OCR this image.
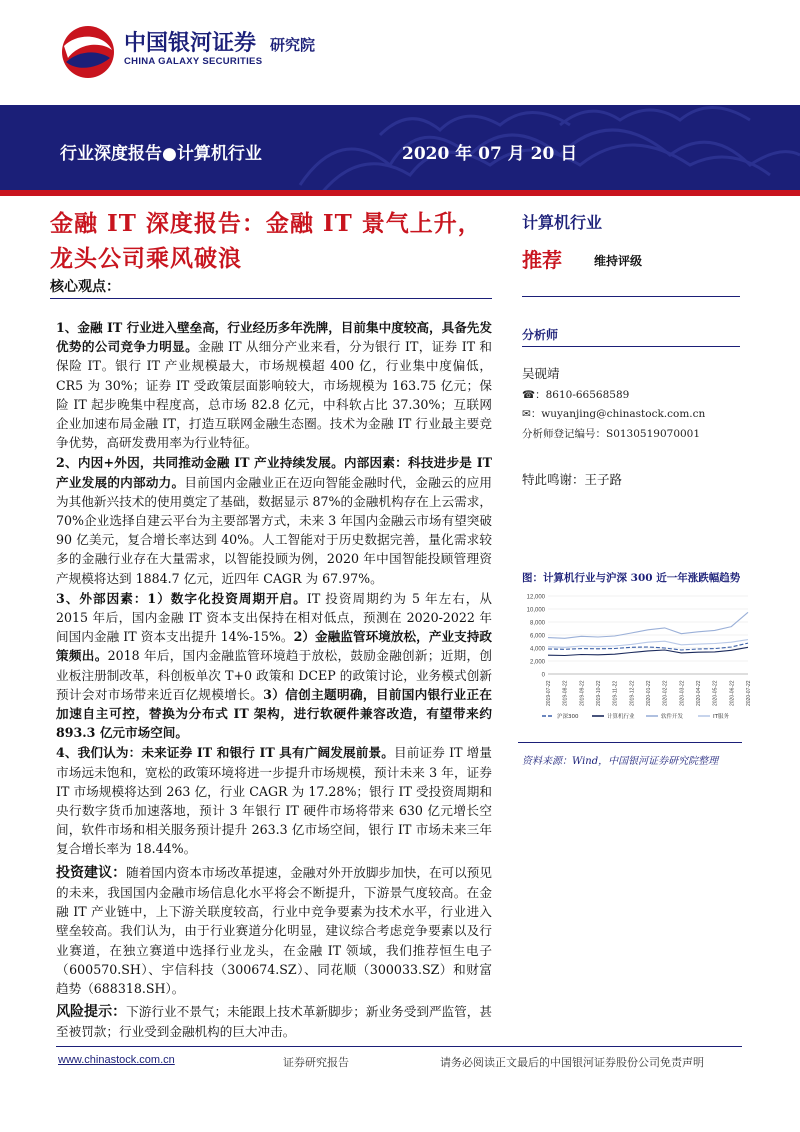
中国银河证券 研究院
CHINA GALAXY SECURITIES
行业深度报告●计算机行业	2020 年 07 月 20 日
金融 IT 深度报告：金融 IT 景气上升，
龙头公司乘风破浪
核心观点：

1、金融 IT 行业进入壁垒高，行业经历多年洗牌，目前集中度较高，具备先发优势的公司竞争力明显。金融 IT 从细分产业来看，分为银行 IT，证券 IT 和保险 IT。银行 IT 产业规模最大，市场规模超 400 亿，行业集中度偏低，CR5 为 30%；证券 IT 受政策层面影响较大，市场规模为 163.75 亿元；保险 IT 起步晚集中程度高，总市场 82.8 亿元，中科软占比 37.30%；互联网企业加速布局金融 IT，打造互联网金融生态圈。技术为金融 IT 行业最主要竞争优势，高研发费用率为行业特征。

2、内因+外因，共同推动金融 IT 产业持续发展。内部因素：科技进步是 IT 产业发展的内部动力。目前国内金融业正在迈向智能金融时代，金融云的应用为其他新兴技术的使用奠定了基础，数据显示 87%的金融机构存在上云需求，70%企业选择自建云平台为主要部署方式，未来 3 年国内金融云市场有望突破 90 亿美元，复合增长率达到 40%。人工智能对于历史数据完善，量化需求较多的金融行业存在大量需求，以智能投顾为例，2020 年中国智能投顾管理资产规模将达到 1884.7 亿元，近四年 CAGR 为 67.97%。

3、外部因素：1）数字化投资周期开启。IT 投资周期约为 5 年左右，从 2015 年后，国内金融 IT 资本支出保持在相对低点，预测在 2020-2022 年间国内金融 IT 资本支出提升 14%-15%。2）金融监管环境放松，产业支持政策频出。2018 年后，国内金融监管环境趋于放松，鼓励金融创新；近期，创业板注册制改革，科创板单次 T+0 政策和 DCEP 的政策讨论，业务模式创新预计会对市场带来近百亿规模增长。3）信创主题明确，目前国内银行业正在加速自主可控，替换为分布式 IT 架构，进行软硬件兼容改造，有望带来约 893.3 亿元市场空间。

4、我们认为：未来证券 IT 和银行 IT 具有广阔发展前景。目前证券 IT 增量市场远未饱和，宽松的政策环境将进一步提升市场规模，预计未来 3 年，证券 IT 市场规模将达到 263 亿，行业 CAGR 为 17.28%；银行 IT 受投资周期和央行数字货币加速落地，预计 3 年银行 IT 硬件市场将带来 630 亿元增长空间，软件市场和相关服务预计提升 263.3 亿市场空间，银行 IT 市场未来三年复合增长率为 18.44%。

投资建议：随着国内资本市场改革提速，金融对外开放脚步加快，在可以预见的未来，我国国内金融市场信息化水平将会不断提升，下游景气度较高。在金融 IT 产业链中，上下游关联度较高，行业中竞争要素为技术水平，行业进入壁垒较高。我们认为，由于行业赛道分化明显，建议综合考虑竞争要素以及行业赛道，在独立赛道中选择行业龙头，在金融 IT 领域，我们推荐恒生电子（600570.SH）、宇信科技（300674.SZ）、同花顺（300033.SZ）和财富趋势（688318.SH）。

风险提示：下游行业不景气；未能跟上技术革新脚步；新业务受到严监管，甚至被罚款；行业受到金融机构的巨大冲击。

计算机行业
推荐	维持评级
分析师
吴砚靖
☎：8610-66568589
✉：wuyanjing@chinastock.com.cn
分析师登记编号：S0130519070001
特此鸣谢：王子路
图：计算机行业与沪深 300 近一年涨跌幅趋势
12,000
10,000
8,000
6,000
4,000
2,000
0
2019-07-22 2019-08-22 2019-09-22 2019-10-22 2019-11-22 2019-12-22 2020-01-22 2020-02-22 2020-03-22 2020-04-22 2020-05-22 2020-06-22 2020-07-22
沪深300	计算机行业	软件开发	IT服务
资料来源：Wind，中国银河证券研究院整理
www.chinastock.com.cn	证券研究报告	请务必阅读正文最后的中国银河证券股份公司免责声明
